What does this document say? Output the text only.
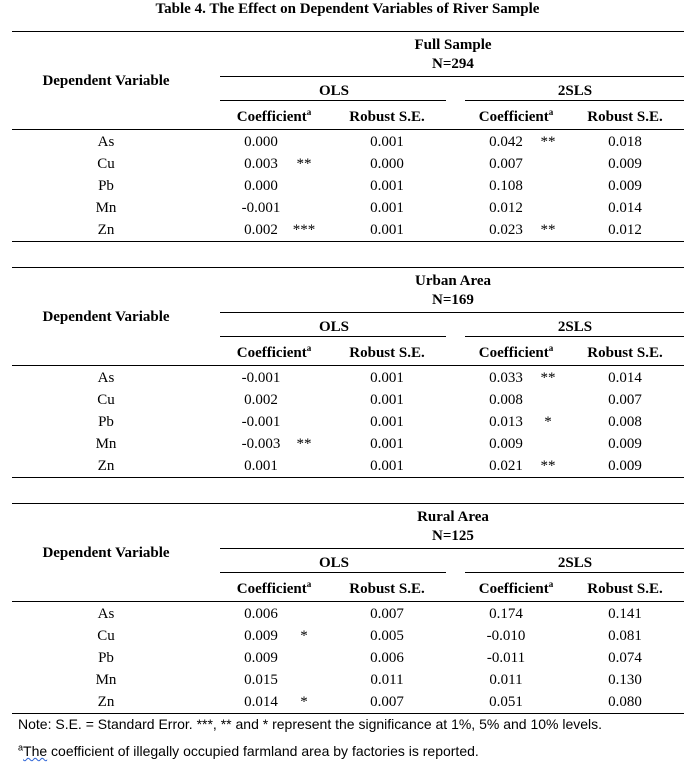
Table 4. The Effect on Dependent Variables of River Sample
Full Sample
N=294
Dependent Variable
OLS	2SLS
Coefficient$^a$	Robust S.E.	Coefficient$^a$ Robust S.E.
As	0.000	0.001	0.042 **	0.018
Cu	0.003 **	0.000	0.007	0.009
Pb	0.000	0.001	0.108	0.009
Mn	-0.001	0.001	0.012	0.014
Zn	0.002 ***	0.001	0.023 **	0.012
Urban Area
N=169
Dependent Variable
OLS	2SLS
Coefficient$^a$	Robust S.E.	Coefficient$^a$ Robust S.E.
As	-0.001	0.001	0.033 **	0.014
Cu	0.002	0.001	0.008	0.007
Pb	-0.001	0.001	0.013 *	0.008
Mn	-0.003 **	0.001	0.009	0.009
Zn	0.001	0.001	0.021 **	0.009
Rural Area
N=125
Dependent Variable
OLS	2SLS
Coefficient$^a$	Robust S.E.	Coefficient$^a$ Robust S.E.
As	0.006	0.007	0.174	0.141
Cu	0.009 *	0.005	-0.010	0.081
Pb	0.009	0.006	-0.011	0.074
Mn	0.015	0.011	0.011	0.130
Zn	0.014 *	0.007	0.051	0.080
Note: S.E. = Standard Error. ***, ** and * represent the significance at 1%, 5% and 10% levels.
$^a$The coefficient of illegally occupied farmland area by factories is reported.
